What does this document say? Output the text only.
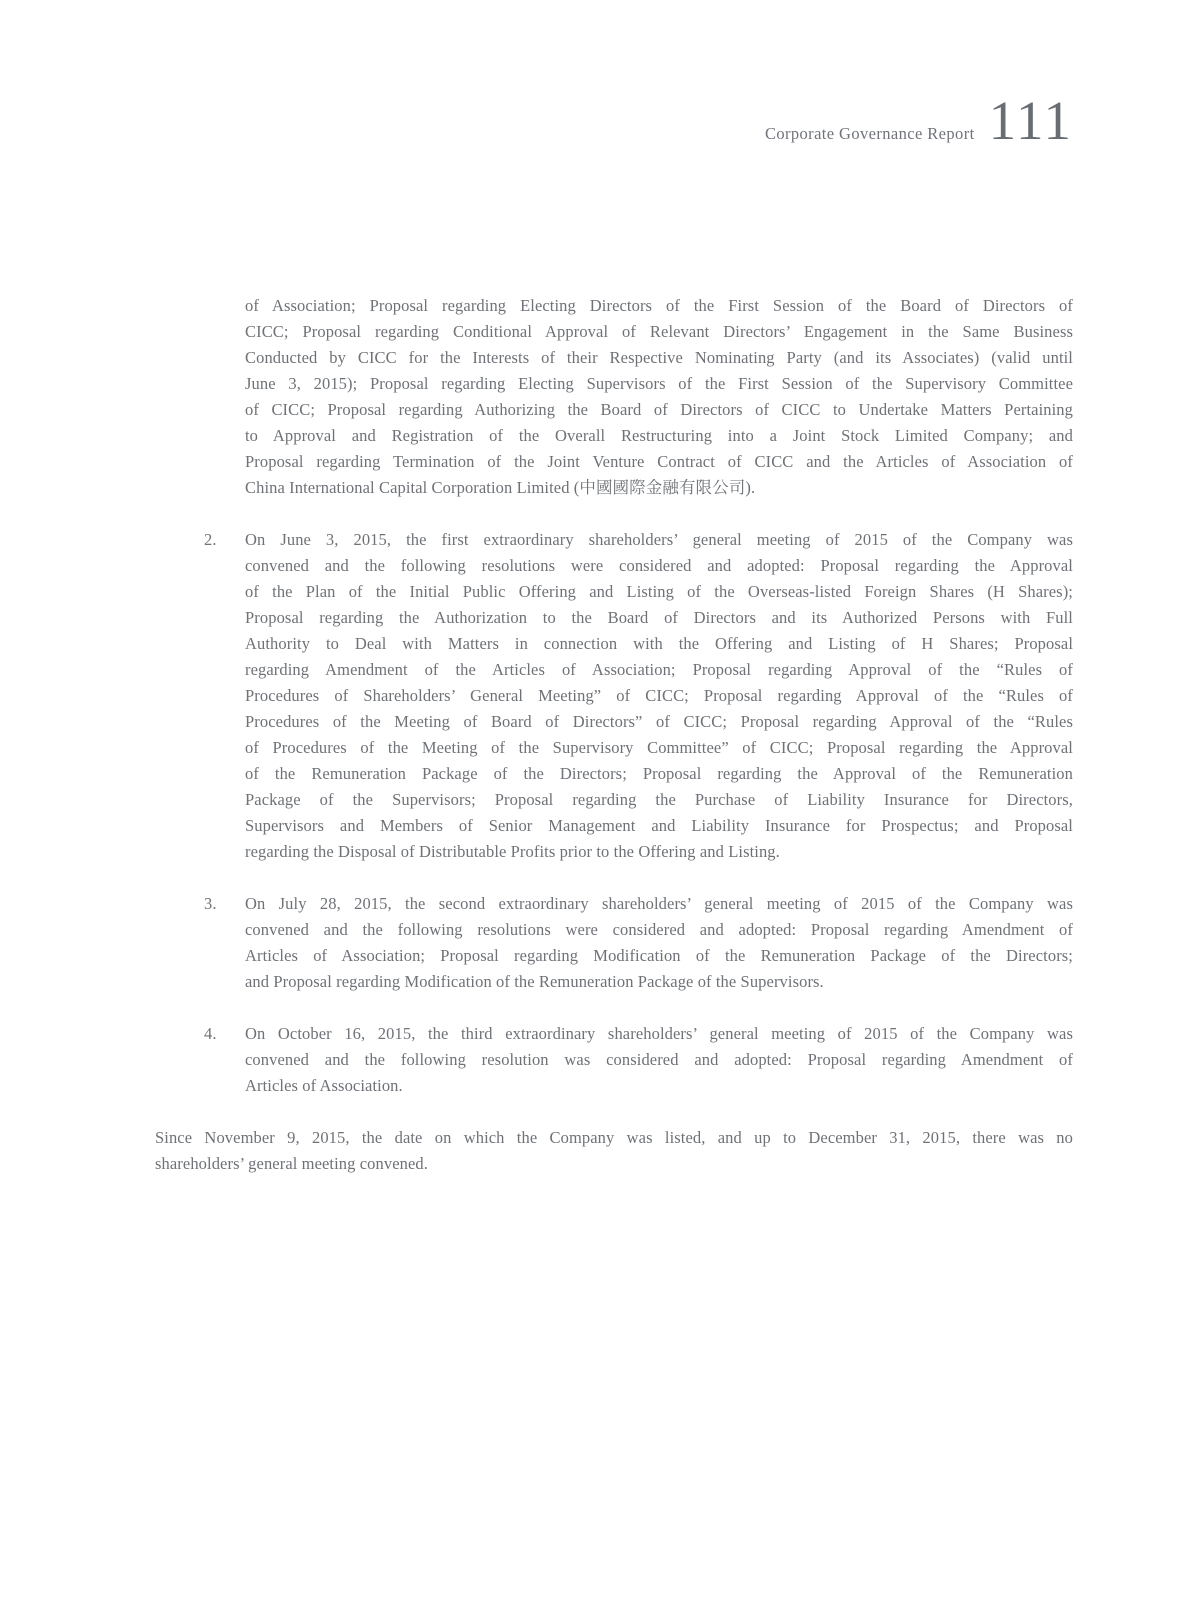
Corporate Governance Report 111
of Association; Proposal regarding Electing Directors of the First Session of the Board of Directors of
CICC; Proposal regarding Conditional Approval of Relevant Directors’ Engagement in the Same Business
Conducted by CICC for the Interests of their Respective Nominating Party (and its Associates) (valid until
June 3, 2015); Proposal regarding Electing Supervisors of the First Session of the Supervisory Committee
of CICC; Proposal regarding Authorizing the Board of Directors of CICC to Undertake Matters Pertaining
to Approval and Registration of the Overall Restructuring into a Joint Stock Limited Company; and
Proposal regarding Termination of the Joint Venture Contract of CICC and the Articles of Association of
China International Capital Corporation Limited (中國國際金融有限公司).
2.	On June 3, 2015, the first extraordinary shareholders’ general meeting of 2015 of the Company was
convened and the following resolutions were considered and adopted: Proposal regarding the Approval
of the Plan of the Initial Public Offering and Listing of the Overseas-listed Foreign Shares (H Shares);
Proposal regarding the Authorization to the Board of Directors and its Authorized Persons with Full
Authority to Deal with Matters in connection with the Offering and Listing of H Shares; Proposal
regarding Amendment of the Articles of Association; Proposal regarding Approval of the “Rules of
Procedures of Shareholders’ General Meeting” of CICC; Proposal regarding Approval of the “Rules of
Procedures of the Meeting of Board of Directors” of CICC; Proposal regarding Approval of the “Rules
of Procedures of the Meeting of the Supervisory Committee” of CICC; Proposal regarding the Approval
of the Remuneration Package of the Directors; Proposal regarding the Approval of the Remuneration
Package of the Supervisors; Proposal regarding the Purchase of Liability Insurance for Directors,
Supervisors and Members of Senior Management and Liability Insurance for Prospectus; and Proposal
regarding the Disposal of Distributable Profits prior to the Offering and Listing.
3.	On July 28, 2015, the second extraordinary shareholders’ general meeting of 2015 of the Company was
convened and the following resolutions were considered and adopted: Proposal regarding Amendment of
Articles of Association; Proposal regarding Modification of the Remuneration Package of the Directors;
and Proposal regarding Modification of the Remuneration Package of the Supervisors.
4.	On October 16, 2015, the third extraordinary shareholders’ general meeting of 2015 of the Company was
convened and the following resolution was considered and adopted: Proposal regarding Amendment of
Articles of Association.
Since November 9, 2015, the date on which the Company was listed, and up to December 31, 2015, there was no
shareholders’ general meeting convened.
